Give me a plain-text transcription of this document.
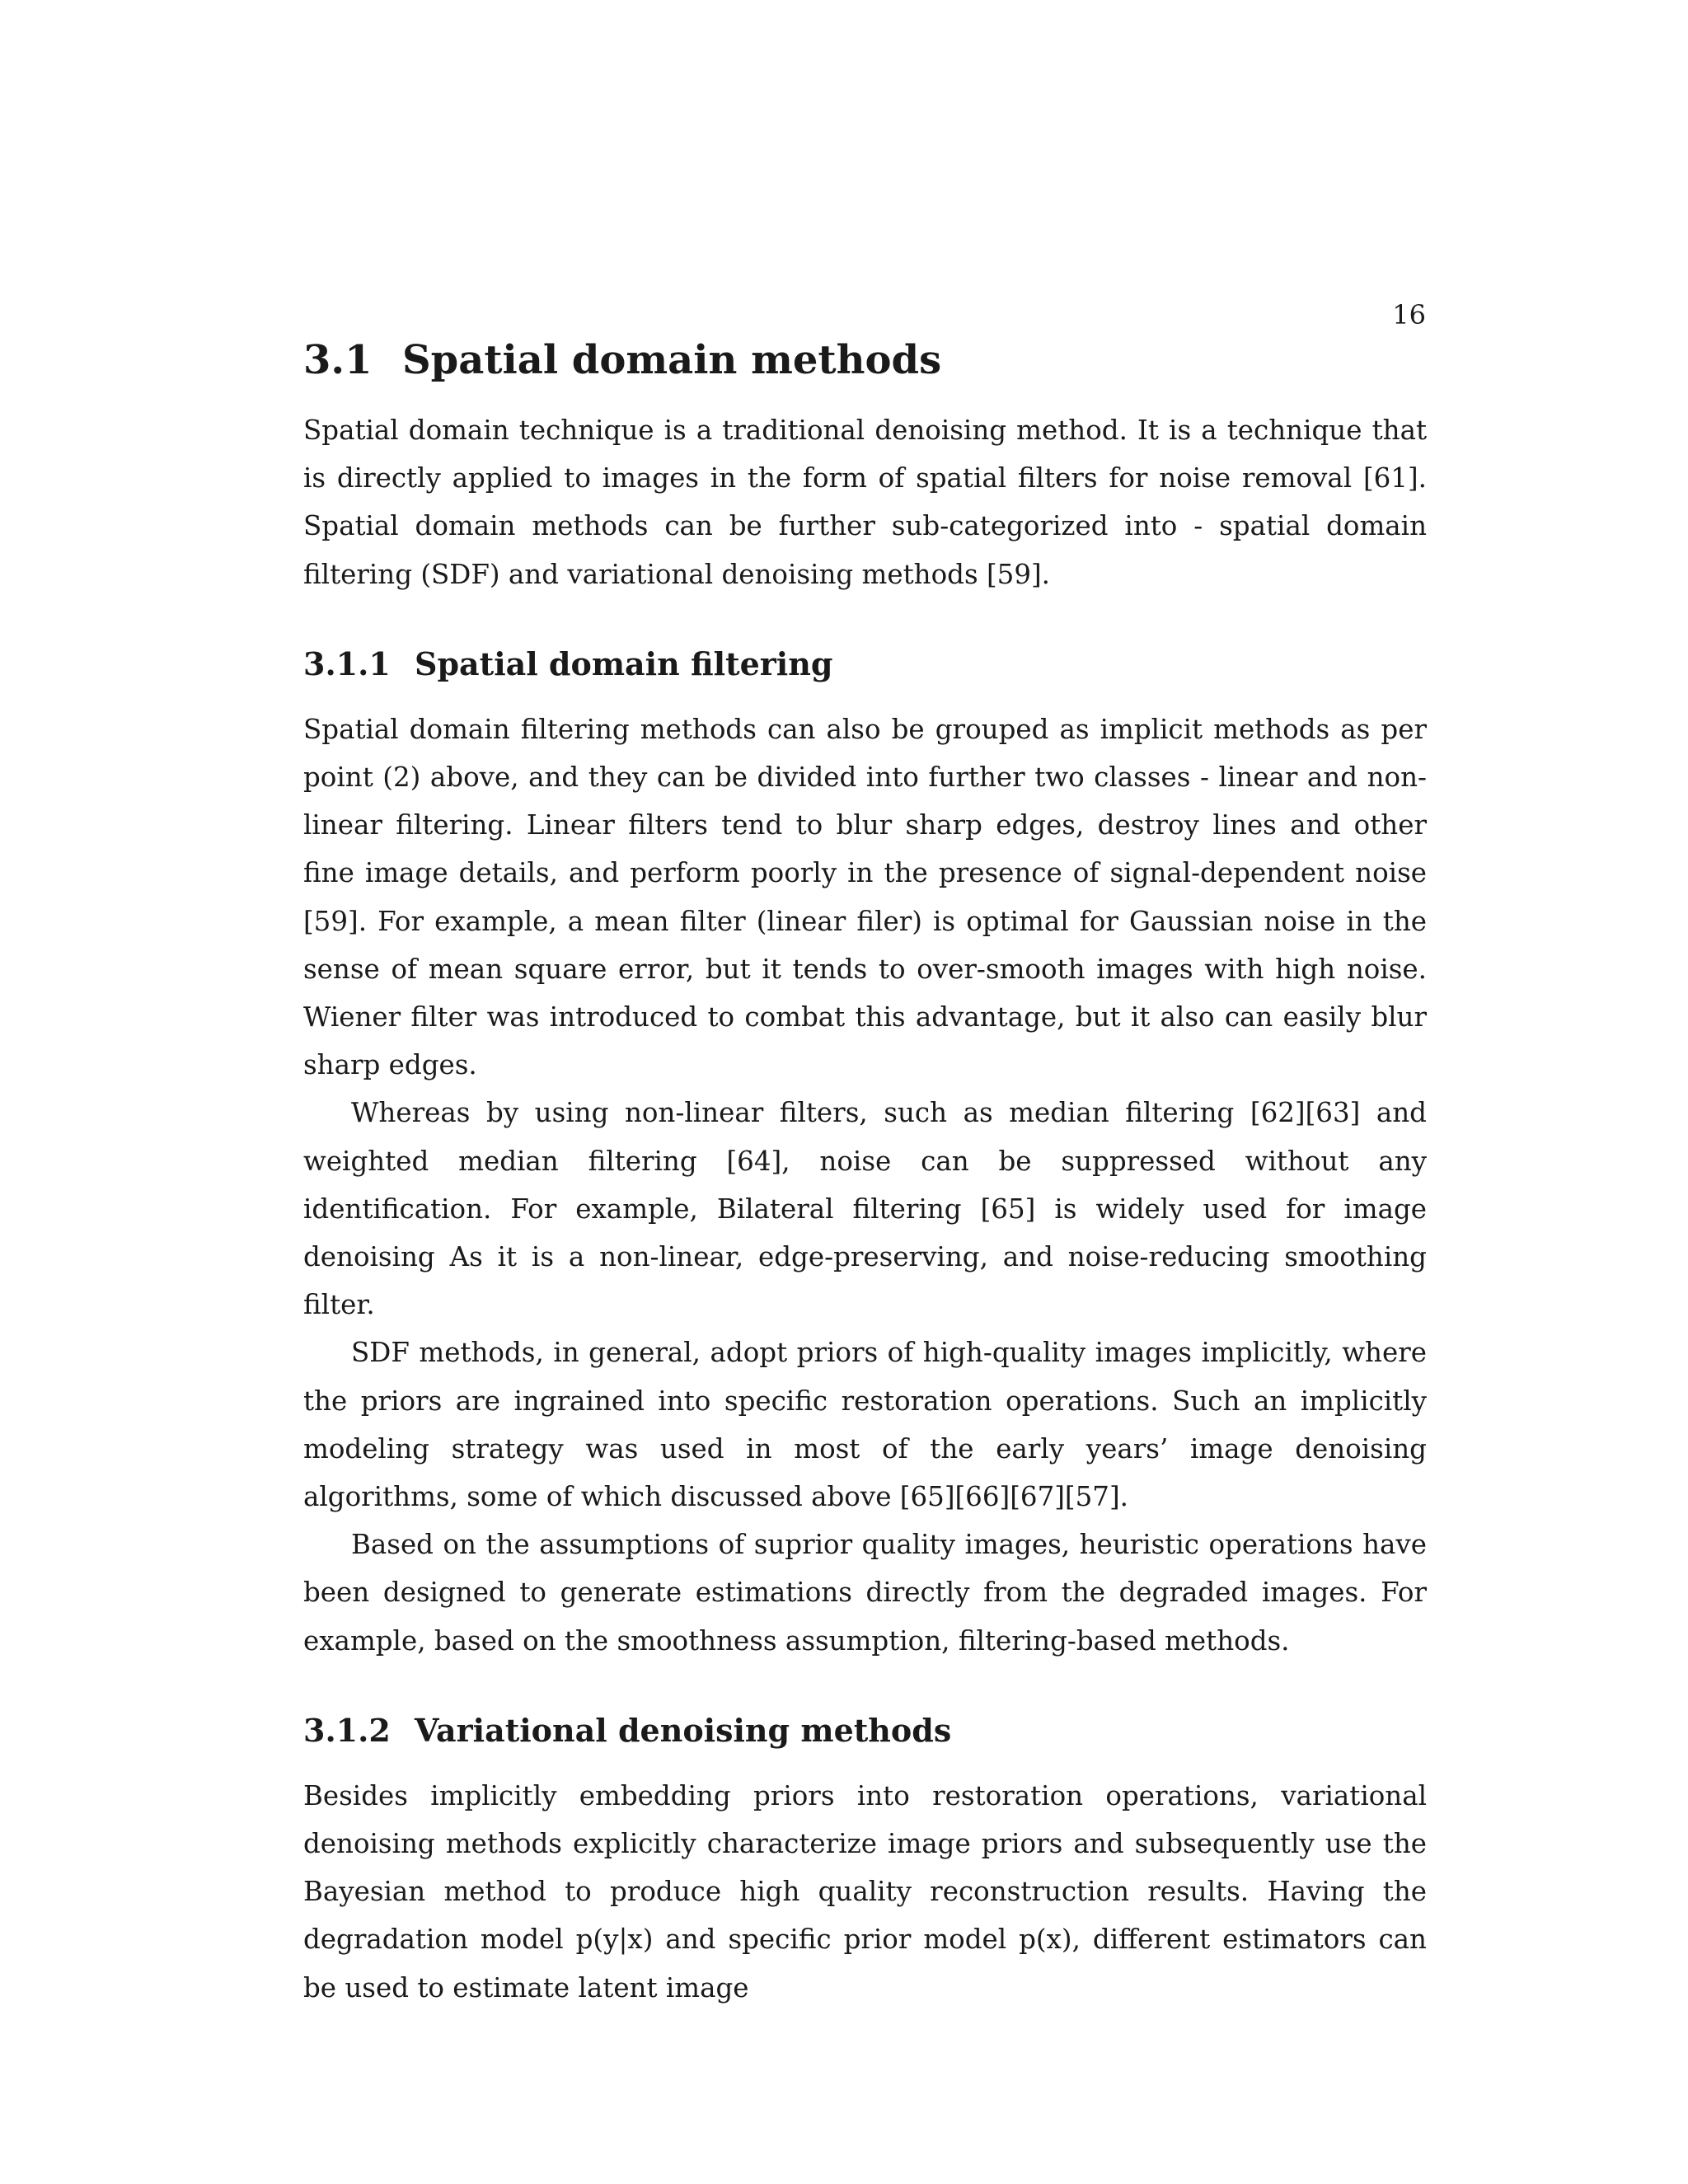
16
3.1 Spatial domain methods

Spatial domain technique is a traditional denoising method. It is a technique that is directly applied to images in the form of spatial filters for noise removal [61]. Spatial domain methods can be further sub-categorized into - spatial domain filtering (SDF) and variational denoising methods [59].

3.1.1 Spatial domain filtering

Spatial domain filtering methods can also be grouped as implicit methods as per point (2) above, and they can be divided into further two classes - linear and non-linear filtering. Linear filters tend to blur sharp edges, destroy lines and other fine image details, and perform poorly in the presence of signal-dependent noise [59]. For example, a mean filter (linear filer) is optimal for Gaussian noise in the sense of mean square error, but it tends to over-smooth images with high noise. Wiener filter was introduced to combat this advantage, but it also can easily blur sharp edges.

Whereas by using non-linear filters, such as median filtering [62][63] and weighted median filtering [64], noise can be suppressed without any identification. For example, Bilateral filtering [65] is widely used for image denoising As it is a non-linear, edge-preserving, and noise-reducing smoothing filter.

SDF methods, in general, adopt priors of high-quality images implicitly, where the priors are ingrained into specific restoration operations. Such an implicitly modeling strategy was used in most of the early years’ image denoising algorithms, some of which discussed above [65][66][67][57].

Based on the assumptions of suprior quality images, heuristic operations have been designed to generate estimations directly from the degraded images. For example, based on the smoothness assumption, filtering-based methods.

3.1.2 Variational denoising methods

Besides implicitly embedding priors into restoration operations, variational denoising methods explicitly characterize image priors and subsequently use the Bayesian method to produce high quality reconstruction results. Having the degradation model p(y|x) and specific prior model p(x), different estimators can be used to estimate latent image
